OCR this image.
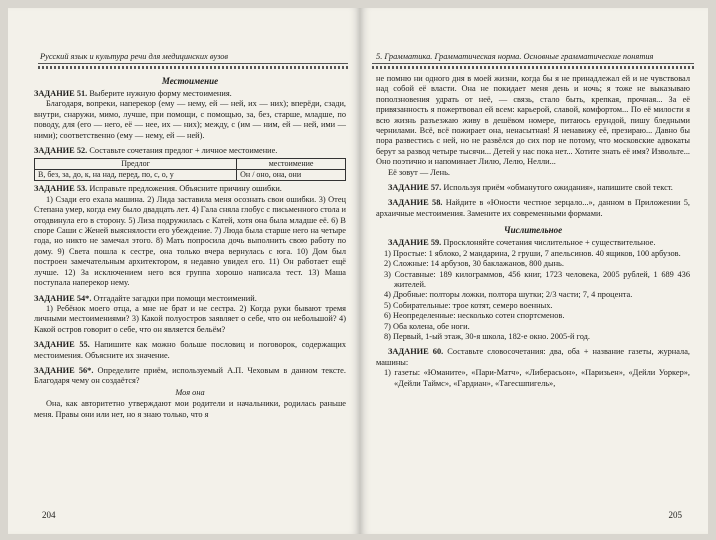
Русский язык и культура речи для медицинских вузов
Местоимение

ЗАДАНИЕ 51. Выберите нужную форму местоимения.

Благодаря, вопреки, наперекор (ему — нему, ей — ней, их — них); вперёди, сзади, внутри, снаружи, мимо, лучше, при помощи, с помощью, за, без, старше, младше, по поводу, для (его — него, её — нее, их — них); между, с (им — ним, ей — ней, ими — ними); соответственно (ему — нему, ей — ней).

ЗАДАНИЕ 52. Составьте сочетания предлог + личное местоимение.

Предлог	местоимение
В, без, за, до, к, на над, перед, по, с, о, у	Он / оно, она, они

ЗАДАНИЕ 53. Исправьте предложения. Объясните причину ошибки.

1) Сзади его ехала машина. 2) Лида заставила меня осознать свои ошибки. 3) Отец Степана умер, когда ему было двадцать лет. 4) Гала сняла глобус с письменного стола и отодвинула его в сторону. 5) Лиза подружилась с Катей, хотя она была младше её. 6) В споре Саши с Женей выяснялости его убеждение. 7) Люда была старше него на четыре года, но никто не замечал этого. 8) Мать попросила дочь выполнить свою работу по дому. 9) Света пошла к сестре, она только вчера вернулась с юга. 10) Дом был построен замечательным архитектором, я недавно увидел его. 11) Он работает ещё лучше. 12) За исключением него вся группа хорошо написала тест. 13) Маша поступала наперекор нему.

ЗАДАНИЕ 54*. Отгадайте загадки при помощи местоимений.

1) Ребёнок моего отца, а мне не брат и не сестра. 2) Когда руки бывают тремя личными местоимениями? 3) Какой полуостров заявляет о себе, что он небольшой? 4) Какой остров говорит о себе, что он является бельём?

ЗАДАНИЕ 55. Напишите как можно больше пословиц и поговорок, содержащих местоимения. Объясните их значение.

ЗАДАНИЕ 56*. Определите приём, используемый А.П. Чеховым в данном тексте. Благодаря чему он создаётся?

Моя она

Она, как авторитетно утверждают мои родители и начальники, родилась раньше меня. Правы они или нет, но я знаю только, что я

204
5. Грамматика. Грамматическая норма. Основные грамматические понятия

не помню ни одного дня в моей жизни, когда бы я не принадлежал ей и не чувствовал над собой её власти. Она не покидает меня день и ночь; я тоже не выказываю поползновения удрать от неё, — связь, стало быть, крепкая, прочная... За её привязанность я пожертвовал ей всем: карьерой, славой, комфортом... По её милости я всю жизнь разъезжаю живу в дешёвом номере, питаюсь ерундой, пишу бледными чернилами. Всё, всё пожирает она, ненасытная! Я ненавижу её, презираю... Давно бы пора развестись с ней, но не развёлся до сих пор не потому, что московские адвокаты берут за развод четыре тысячи... Детей у нас пока нет... Хотите знать её имя? Извольте... Оно поэтично и напоминает Лилю, Лелю, Нелли...

Её зовут — Лень.

ЗАДАНИЕ 57. Используя приём «обманутого ожидания», напишите свой текст.

ЗАДАНИЕ 58. Найдите в «Юности честное зерцало...», данном в Приложении 5, архаичные местоимения. Замените их современными формами.

Числительное

ЗАДАНИЕ 59. Просклоняйте сочетания числительное + существительное.

1) Простые: 1 яблоко, 2 мандарина, 2 груши, 7 апельсинов. 40 ящиков, 100 арбузов.

2) Сложные: 14 арбузов, 30 баклажанов, 800 дынь.

3) Составные: 189 килограммов, 456 книг, 1723 человека, 2005 рублей, 1 689 436 жителей.

4) Дробные: полторы ложки, полтора шутки; 2/3 части; 7, 4 процента.

5) Собирательные: трое котят, семеро военных.

6) Неопределенные: несколько сотен спортсменов.

7) Оба колена, обе ноги.

8) Первый, 1-ый этаж, 30-я школа, 182-е окно. 2005-й год.

ЗАДАНИЕ 60. Составьте словосочетания: два, оба + название газеты, журнала, машины:

1) газеты: «Юманите», «Пари-Матч», «Либерасьон», «Паризьен», «Дейли Уоркер», «Дейли Таймс», «Гардиан», «Тагесшпигель»,

205
